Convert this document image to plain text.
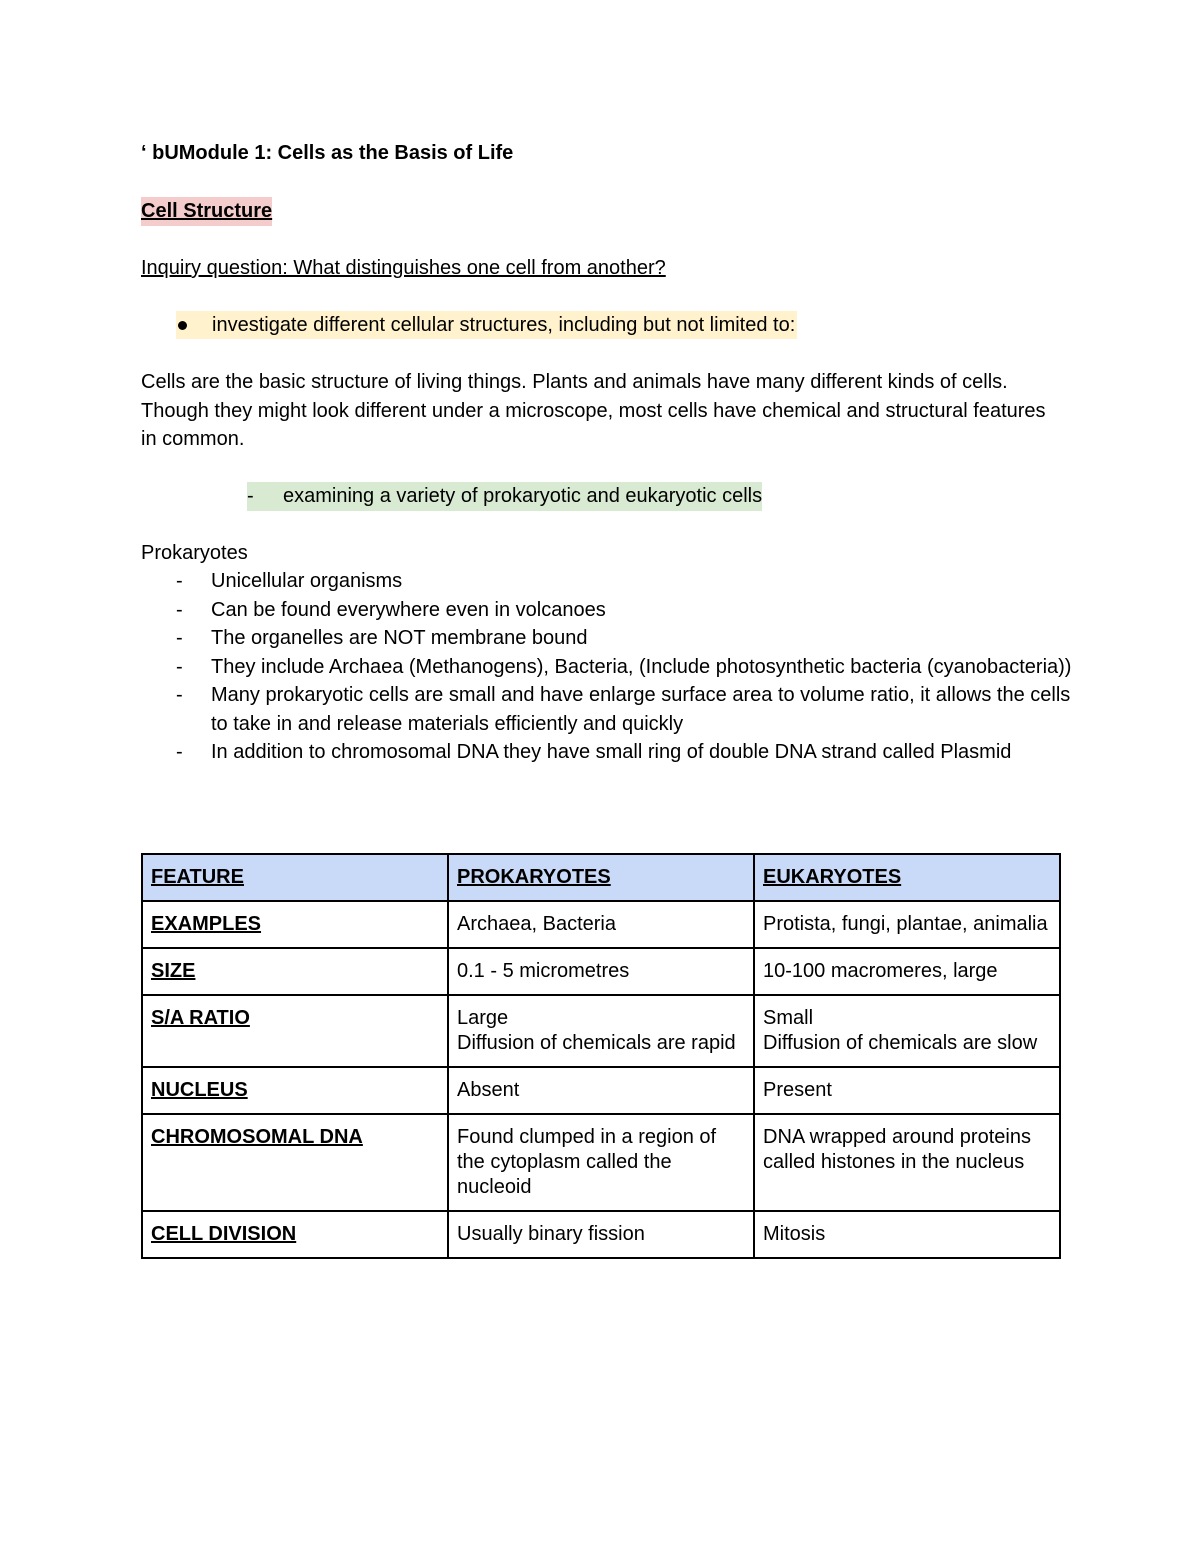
‘ bUModule 1: Cells as the Basis of Life
Cell Structure
Inquiry question: What distinguishes one cell from another?
investigate different cellular structures, including but not limited to:
Cells are the basic structure of living things. Plants and animals have many different kinds of cells. Though they might look different under a microscope, most cells have chemical and structural features in common.
-	examining a variety of prokaryotic and eukaryotic cells
Prokaryotes
-	Unicellular organisms
-	Can be found everywhere even in volcanoes
-	The organelles are NOT membrane bound
-	They include Archaea (Methanogens), Bacteria, (Include photosynthetic bacteria (cyanobacteria))
-	Many prokaryotic cells are small and have enlarge surface area to volume ratio, it allows the cells to take in and release materials efficiently and quickly
-	In addition to chromosomal DNA they have small ring of double DNA strand called Plasmid
FEATURE	PROKARYOTES	EUKARYOTES
EXAMPLES	Archaea, Bacteria	Protista, fungi, plantae, animalia

SIZE	0.1 - 5 micrometres	10-100 macromeres, large

S/A RATIO	Large
Diffusion of chemicals are rapid	Small
Diffusion of chemicals are slow

NUCLEUS	Absent	Present

CHROMOSOMAL DNA	Found clumped in a region of the cytoplasm called the nucleoid	DNA wrapped around proteins called histones in the nucleus

CELL DIVISION	Usually binary fission	Mitosis
